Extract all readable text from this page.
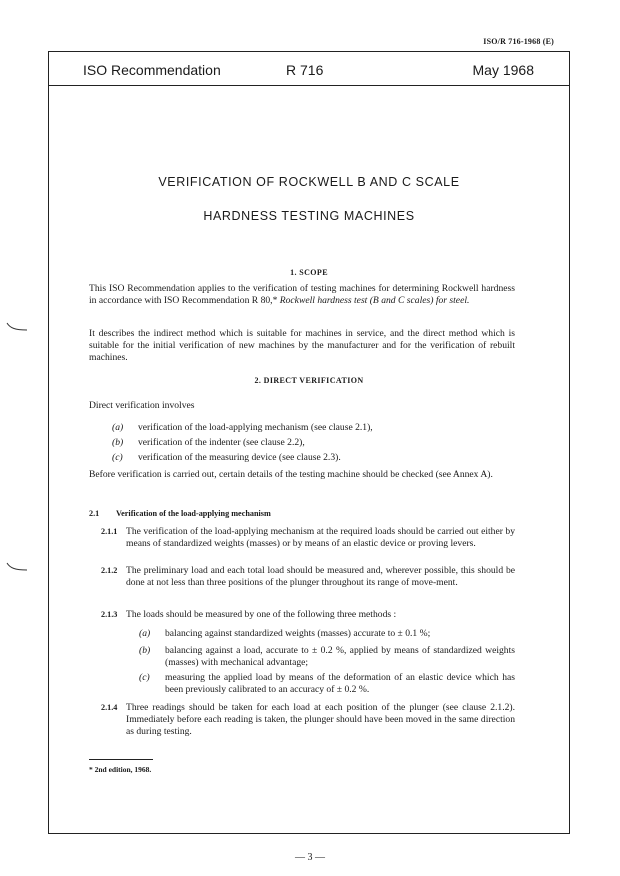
ISO/R 716-1968 (E)
ISO Recommendation	R 716	May 1968
VERIFICATION OF ROCKWELL B AND C SCALE
HARDNESS TESTING MACHINES
1. SCOPE
This ISO Recommendation applies to the verification of testing machines for determining Rockwell hardness in accordance with ISO Recommendation R 80,* Rockwell hardness test (B and C scales) for steel.
It describes the indirect method which is suitable for machines in service, and the direct method which is suitable for the initial verification of new machines by the manufacturer and for the verification of rebuilt machines.
2. DIRECT VERIFICATION
Direct verification involves
(a) verification of the load-applying mechanism (see clause 2.1),
(b) verification of the indenter (see clause 2.2),
(c) verification of the measuring device (see clause 2.3).
Before verification is carried out, certain details of the testing machine should be checked (see Annex A).
2.1 Verification of the load-applying mechanism
2.1.1 The verification of the load-applying mechanism at the required loads should be carried out either by means of standardized weights (masses) or by means of an elastic device or proving levers.
2.1.2 The preliminary load and each total load should be measured and, wherever possible, this should be done at not less than three positions of the plunger throughout its range of move-ment.
2.1.3 The loads should be measured by one of the following three methods :
(a) balancing against standardized weights (masses) accurate to ± 0.1 %;
(b) balancing against a load, accurate to ± 0.2 %, applied by means of standardized weights (masses) with mechanical advantage;
(c) measuring the applied load by means of the deformation of an elastic device which has been previously calibrated to an accuracy of ± 0.2 %.
2.1.4 Three readings should be taken for each load at each position of the plunger (see clause 2.1.2). Immediately before each reading is taken, the plunger should have been moved in the same direction as during testing.
* 2nd edition, 1968.
— 3 —
